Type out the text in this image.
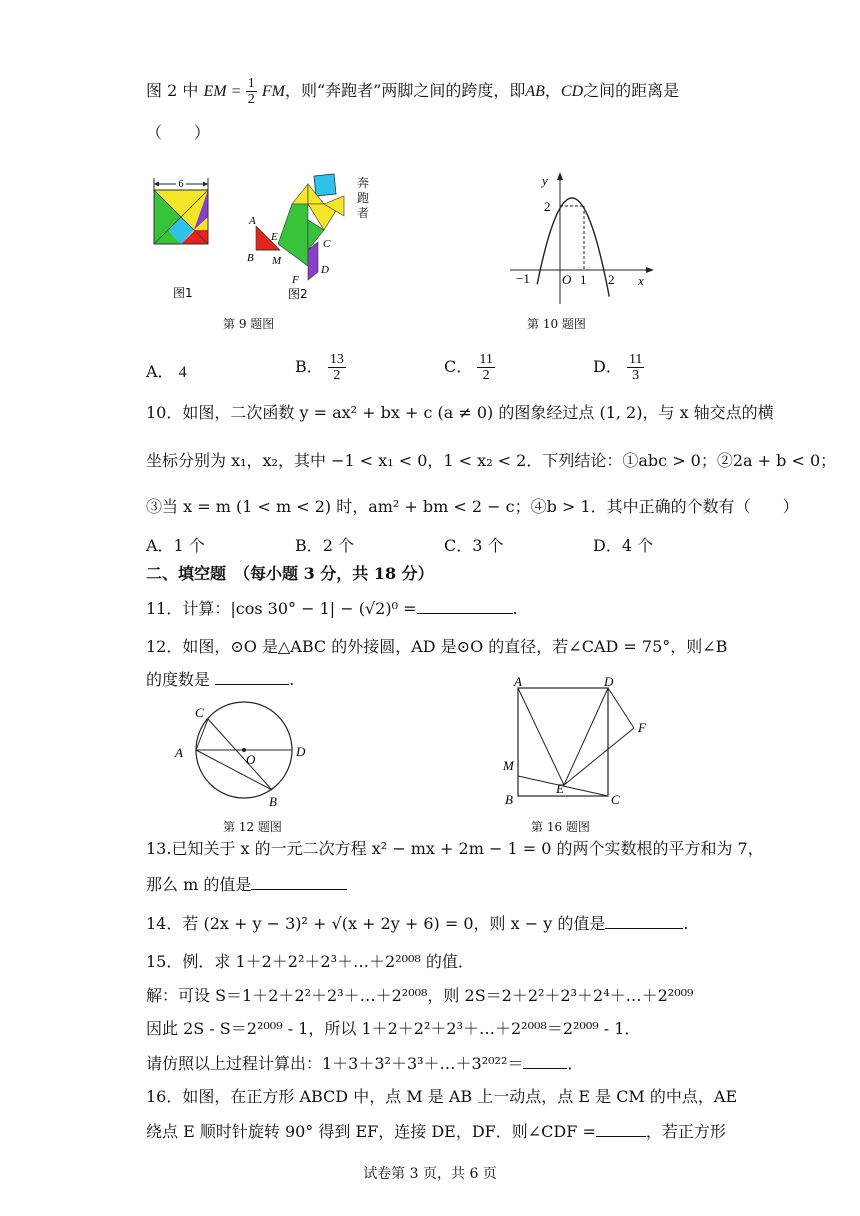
图 2 中 EM = $\frac{1}{2}$ FM，则“奔跑者”两脚之间的跨度，即AB，CD之间的距离是
（　　）
6
图1
A
B
E
M
C
D
F
图2
奔跑者
第 9 题图
y
x
2
−1 O 1 2
第 10 题图
A． 4	B． $\frac{13}{2}$	C． $\frac{11}{2}$	D． $\frac{11}{3}$
10．如图，二次函数 y = ax² + bx + c (a ≠ 0) 的图象经过点 (1, 2)，与 x 轴交点的横
坐标分别为 x₁，x₂，其中 −1 < x₁ < 0，1 < x₂ < 2．下列结论：①abc > 0；②2a + b < 0；
③当 x = m (1 < m < 2) 时，am² + bm < 2 − c；④b > 1．其中正确的个数有（　　）
A．1 个	B．2 个	C．3 个	D．4 个
二、填空题　（每小题 3 分，共 18 分）
11．计算：|cos 30° − 1| − (√2)⁰ =	.
12．如图，⊙O 是△ABC 的外接圆，AD 是⊙O 的直径，若∠CAD = 75°，则∠B
的度数是	.
A
C
O
D
B
第 12 题图
A	D
F
M
E
B	C
第 16 题图
13.已知关于 x 的一元二次方程 x² − mx + 2m − 1 = 0 的两个实数根的平方和为 7，
那么 m 的值是
14．若 (2x + y − 3)² + √(x + 2y + 6) = 0，则 x − y 的值是	.
15．例．求 1＋2＋2²＋2³＋…＋2²⁰⁰⁸ 的值．
解：可设 S＝1＋2＋2²＋2³＋…＋2²⁰⁰⁸，则 2S＝2＋2²＋2³＋2⁴＋…＋2²⁰⁰⁹
因此 2S - S＝2²⁰⁰⁹ - 1，所以 1＋2＋2²＋2³＋…＋2²⁰⁰⁸＝2²⁰⁰⁹ - 1．
请仿照以上过程计算出：1＋3＋3²＋3³＋…＋3²⁰²²＝	．
16．如图，在正方形 ABCD 中，点 M 是 AB 上一动点，点 E 是 CM 的中点，AE
绕点 E 顺时针旋转 90° 得到 EF，连接 DE，DF．则∠CDF =	，若正方形
试卷第 3 页，共 6 页
